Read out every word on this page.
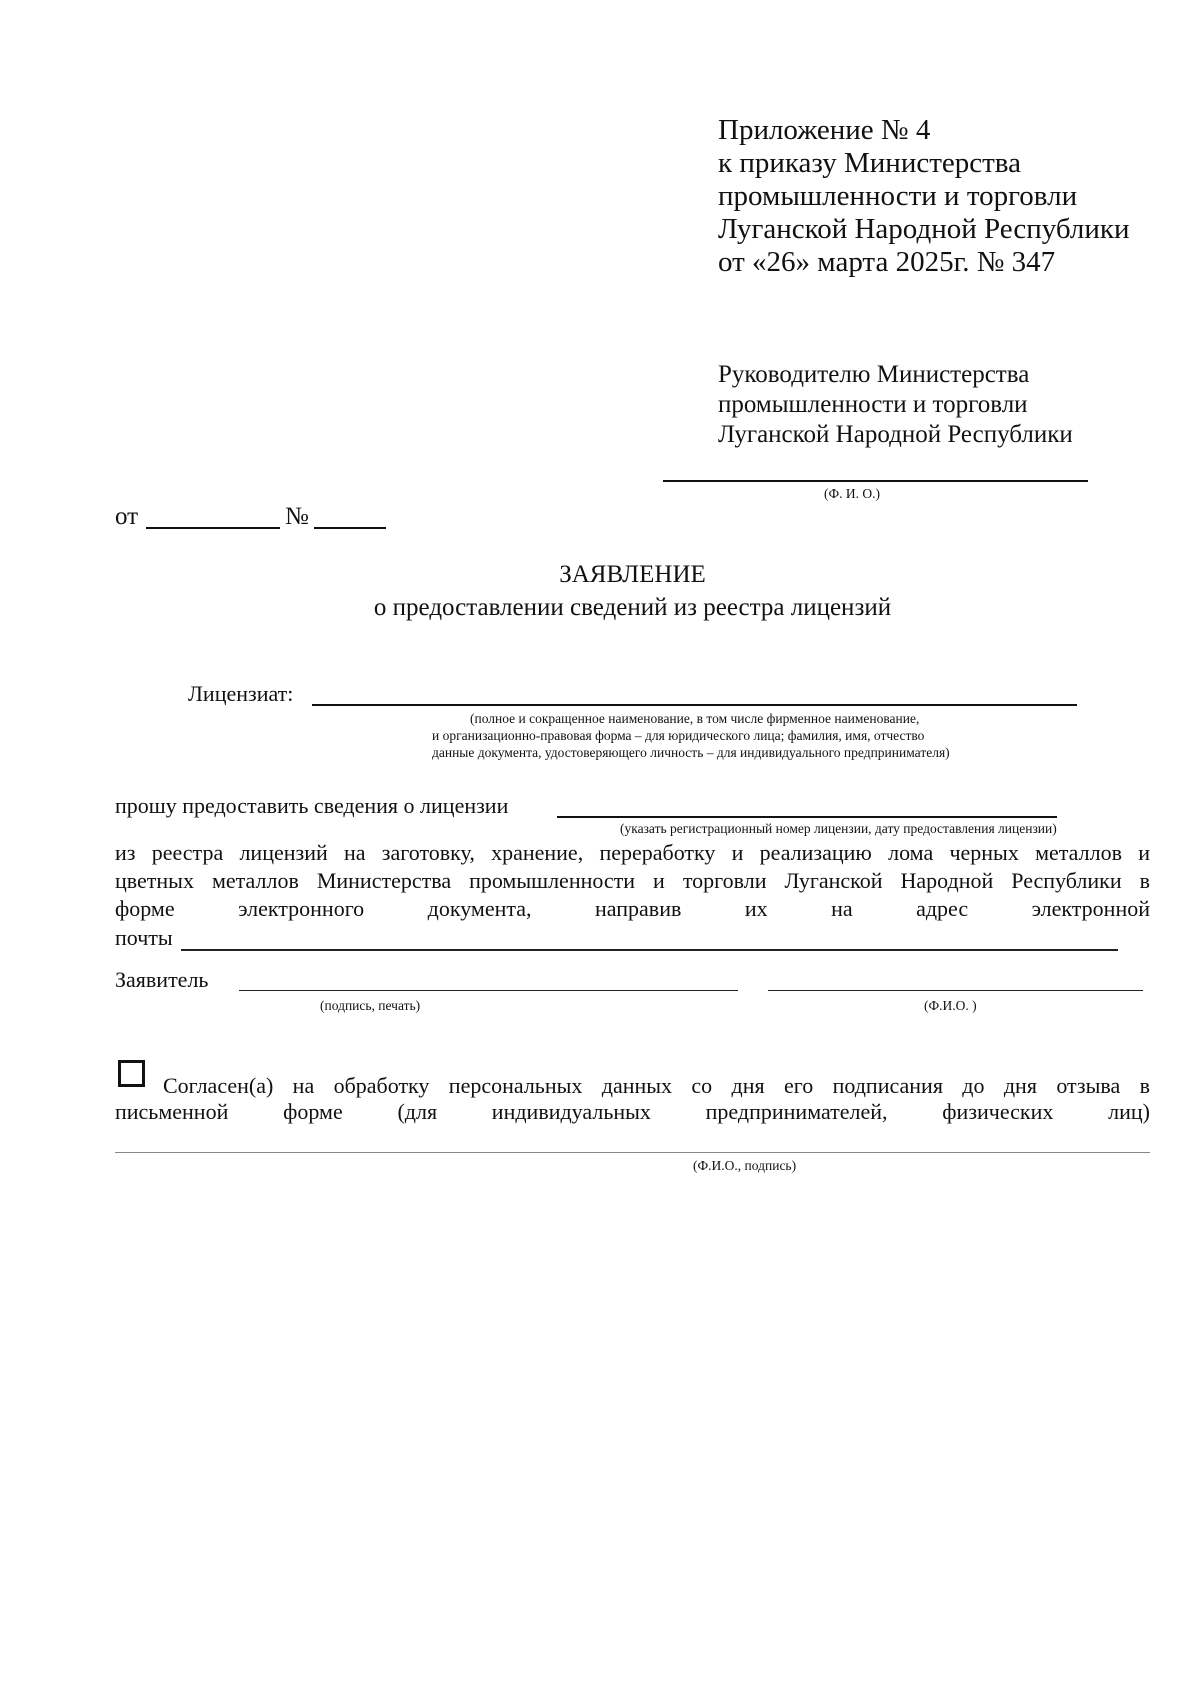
Приложение № 4
к приказу Министерства
промышленности и торговли
Луганской Народной Республики
от «26» марта 2025г. № 347
Руководителю Министерства
промышленности и торговли
Луганской Народной Республики
(Ф. И. О.)
от	№
ЗАЯВЛЕНИЕ
о предоставлении сведений из реестра лицензий
Лицензиат:
(полное и сокращенное наименование, в том числе фирменное наименование,
и организационно-правовая форма – для юридического лица; фамилия, имя, отчество
данные документа, удостоверяющего личность – для индивидуального предпринимателя)
прошу предоставить сведения о лицензии
(указать регистрационный номер лицензии, дату предоставления лицензии)
из реестра лицензий на заготовку, хранение, переработку и реализацию лома черных металлов и
цветных металлов Министерства промышленности и торговли Луганской Народной Республики в
форме электронного документа, направив их на адрес электронной
почты
Заявитель
(подпись, печать)	(Ф.И.О. )
Согласен(а) на обработку персональных данных со дня его подписания до дня отзыва в
письменной форме (для индивидуальных предпринимателей, физических лиц)
(Ф.И.О., подпись)
